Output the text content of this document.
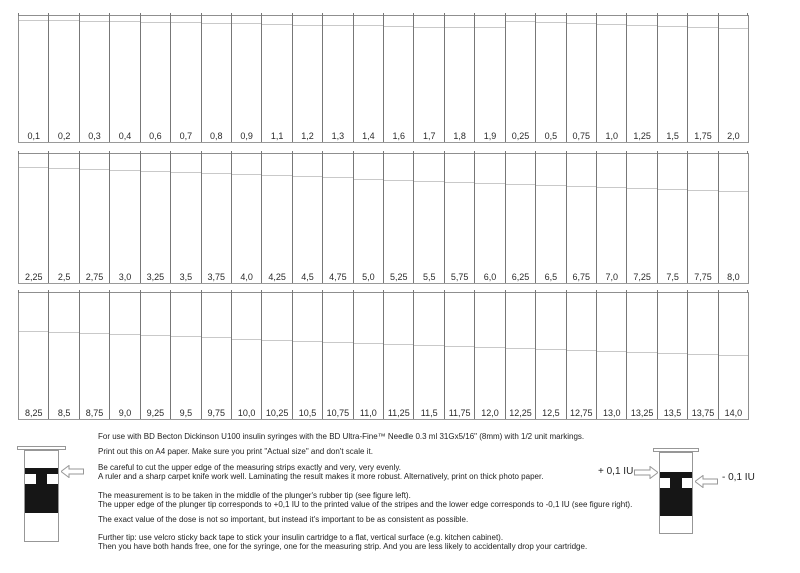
0,1	0,2	0,3	0,4	0,6	0,7	0,8	0,9	1,1	1,2	1,3	1,4	1,6	1,7	1,8	1,9	0,25	0,5	0,75	1,0	1,25	1,5	1,75	2,0
2,25	2,5	2,75	3,0	3,25	3,5	3,75	4,0	4,25	4,5	4,75	5,0	5,25	5,5	5,75	6,0	6,25	6,5	6,75	7,0	7,25	7,5	7,75	8,0
8,25	8,5	8,75	9,0	9,25	9,5	9,75	10,0	10,25	10,5	10,75	11,0	11,25	11,5	11,75	12,0	12,25	12,5	12,75	13,0	13,25	13,5	13,75	14,0
For use with BD Becton Dickinson U100 insulin syringes with the BD Ultra-Fine™ Needle 0.3 ml 31Gx5/16" (8mm) with 1/2 unit markings.
Print out this on A4 paper. Make sure you print "Actual size" and don't scale it.
Be careful to cut the upper edge of the measuring strips exactly and very, very evenly.
A ruler and a sharp carpet knife work well. Laminating the result makes it more robust. Alternatively, print on thick photo paper.
The measurement is to be taken in the middle of the plunger's rubber tip (see figure left).
The upper edge of the plunger tip corresponds to +0,1 IU to the printed value of the stripes and the lower edge corresponds to -0,1 IU (see figure right).
The exact value of the dose is not so important, but instead it's important to be as consistent as possible.
Further tip: use velcro sticky back tape to stick your insulin cartridge to a flat, vertical surface (e.g. kitchen cabinet).
Then you have both hands free, one for the syringe, one for the measuring strip. And you are less likely to accidentally drop your cartridge.
+ 0,1 IU
- 0,1 IU
